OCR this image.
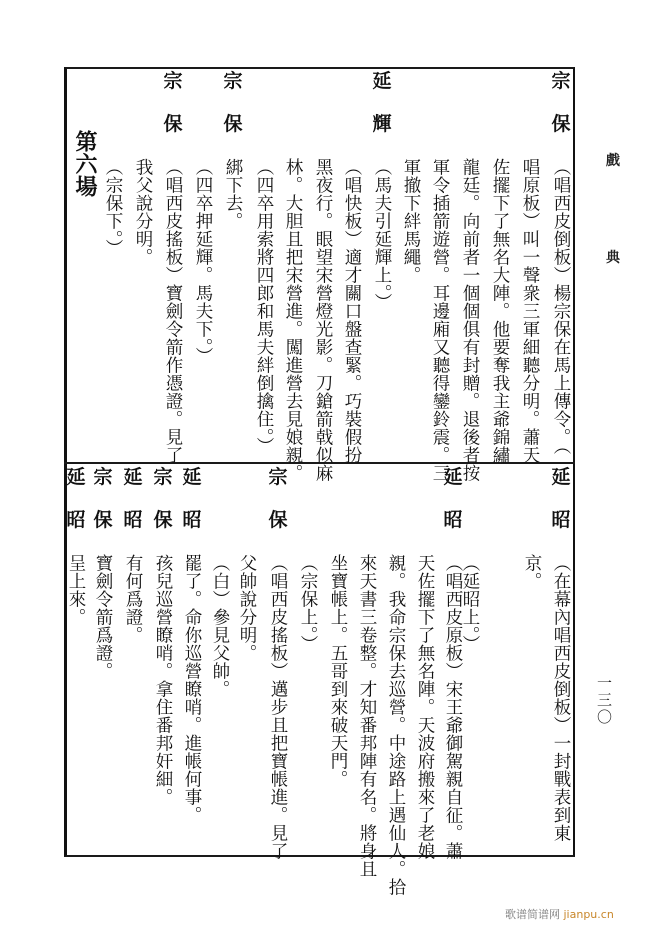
宗
保
（唱西皮倒板）楊宗保在馬上傳令。（
唱原板）叫一聲衆三軍細聽分明。蕭天
佐擺下了無名大陣。他要奪我主爺錦繡
龍廷。向前者一個個俱有封贈。退後者按
軍令插箭遊營。耳邊廂又聽得鑾鈴震。三
軍撤下絆馬繩。
延
輝
（馬夫引延輝上。）
（唱快板）適才關口盤查緊。巧裝假扮
黑夜行。眼望宋營燈光影。刀鎗箭戟似麻
林。大胆且把宋營進。闖進營去見娘親。
（四卒用索將四郎和馬夫絆倒擒住。）
宗
保
綁下去。
（四卒押延輝。馬夫下。）
宗
保
（唱西皮搖板）寶劍令箭作憑證。見了
我父說分明。
（宗保下。）
第六場
延
昭
（在幕內唱西皮倒板）一封戰表到東
京。
（延昭上。）
延
昭
（唱西皮原板）宋王爺御駕親自征。蕭
天佐擺下了無名陣。天波府搬來了老娘
親。我命宗保去巡營。中途路上遇仙人。拾
來天書三卷整。才知番邦陣有名。將身且
坐寶帳上。五哥到來破天門。
（宗保上。）
宗
保
（唱西皮搖板）邁步且把寶帳進。見了
父帥說分明。
（白）參見父帥。
延
昭
罷了。命你巡營瞭哨。進帳何事。
宗
保
孩兒巡營瞭哨。拿住番邦奸細。
延
昭
有何爲證。
宗
保
寶劍令箭爲證。
延
昭
呈上來。
戲
典
一三〇
歌谱简谱网 jianpu.cn
